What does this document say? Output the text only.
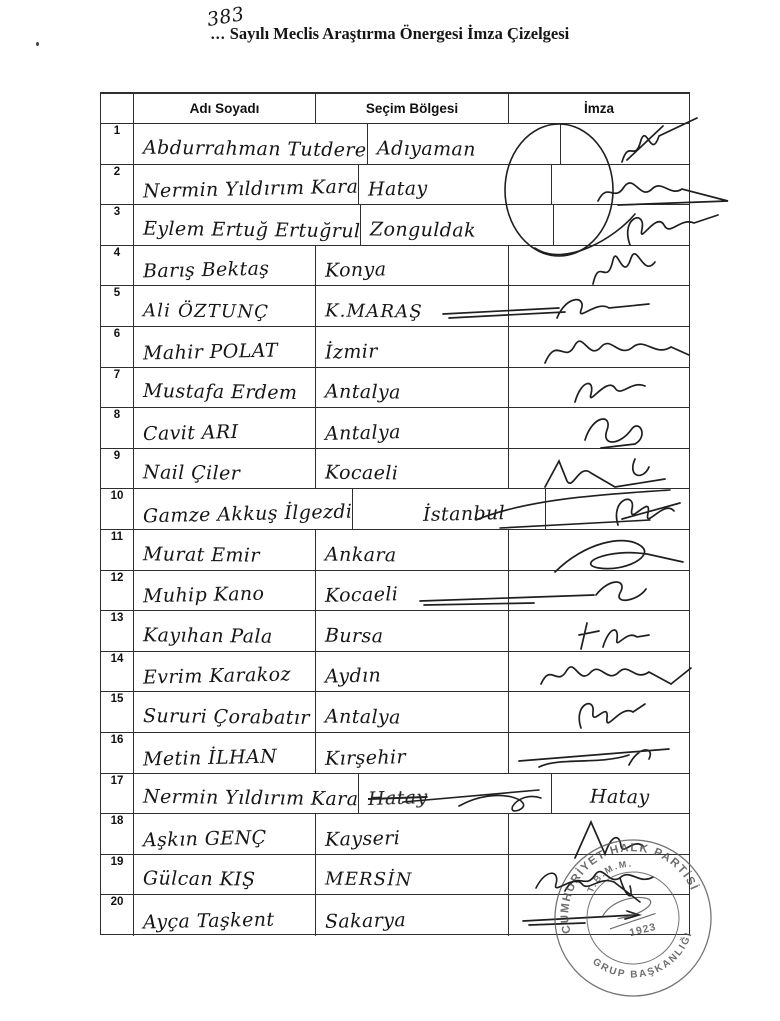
383
... Sayılı Meclis Araştırma Önergesi İmza Çizelgesi
Adı Soyadı	Seçim Bölgesi	İmza
1
Abdurrahman Tutdere Adıyaman
2
Nermin Yıldırım Kara Hatay
3
Eylem Ertuğ Ertuğrul Zonguldak
4
Barış Bektaş	Konya
5
Ali ÖZTUNÇ	K.MARAŞ
6
Mahir POLAT İzmir
7
Mustafa Erdem Antalya
8
Cavit ARI	Antalya
9
Nail Çiler	Kocaeli
10
Gamze Akkuş İlgezdi	İstanbul
11
Murat Emir	Ankara
12
Muhip Kano	Kocaeli
13
Kayıhan Pala	Bursa
14
Evrim Karakoz Aydın
15
Sururi Çorabatır Antalya
16
Metin İLHAN Kırşehir
17
Nermin Yıldırım Kara Hatay	Hatay
18
Aşkın GENÇ	Kayseri
19
Gülcan KIŞ	MERSİN
20
Ayça Taşkent	Sakarya	CUMHURİYET HALK PARTİSİ
T.B.M.M.
GRUP BAŞKANLIĞI
1923
